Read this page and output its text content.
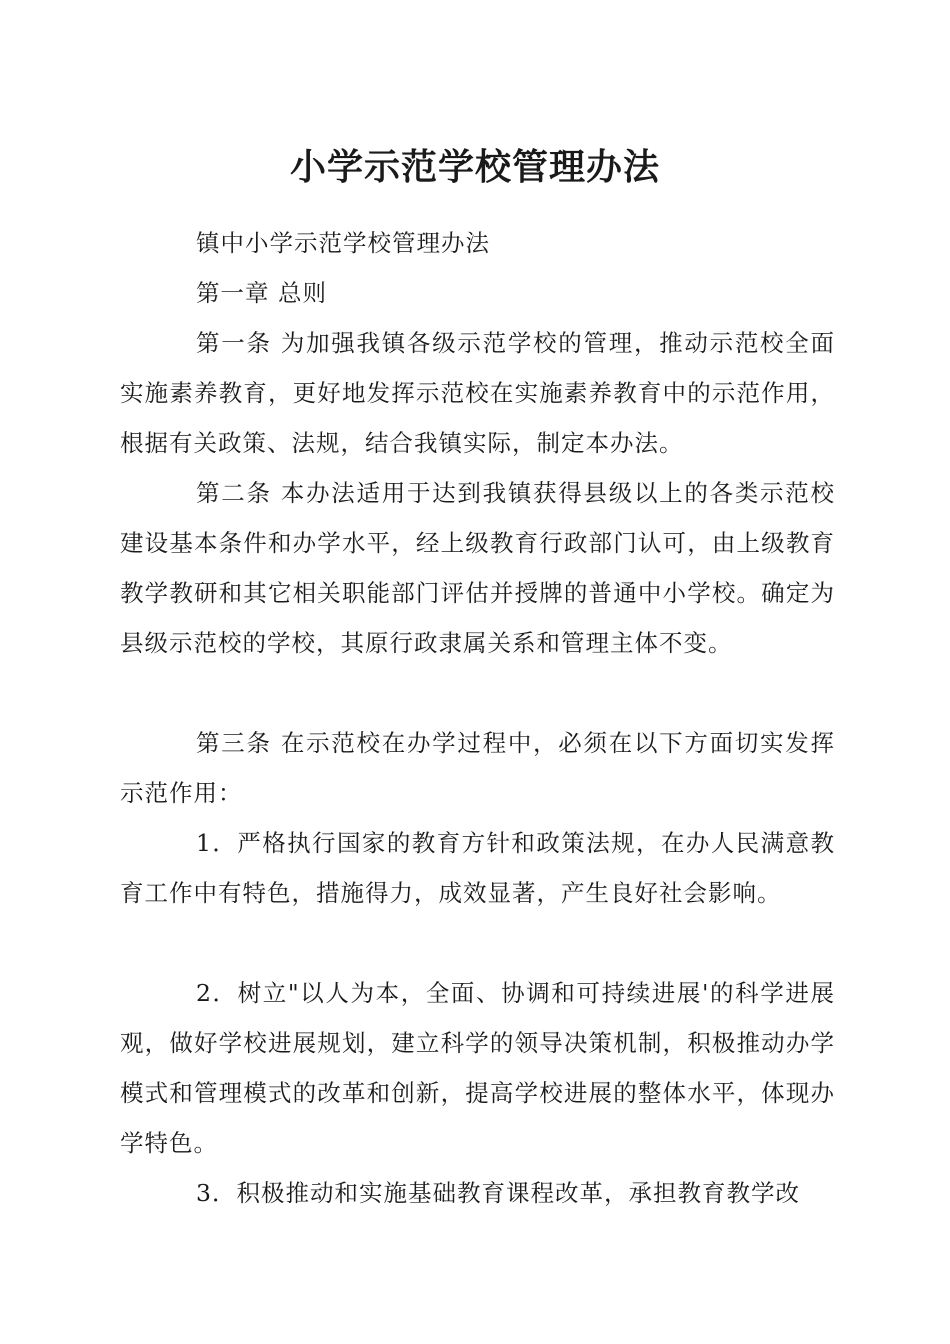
小学示范学校管理办法

镇中小学示范学校管理办法

第一章 总则

第一条 为加强我镇各级示范学校的管理，推动示范校全面实施素养教育，更好地发挥示范校在实施素养教育中的示范作用，根据有关政策、法规，结合我镇实际，制定本办法。

第二条 本办法适用于达到我镇获得县级以上的各类示范校建设基本条件和办学水平，经上级教育行政部门认可，由上级教育教学教研和其它相关职能部门评估并授牌的普通中小学校。确定为县级示范校的学校，其原行政隶属关系和管理主体不变。

第三条 在示范校在办学过程中，必须在以下方面切实发挥示范作用：

1．严格执行国家的教育方针和政策法规，在办人民满意教育工作中有特色，措施得力，成效显著，产生良好社会影响。

2．树立"以人为本，全面、协调和可持续进展'的科学进展观，做好学校进展规划，建立科学的领导决策机制，积极推动办学模式和管理模式的改革和创新，提高学校进展的整体水平，体现办学特色。

3．积极推动和实施基础教育课程改革，承担教育教学改
